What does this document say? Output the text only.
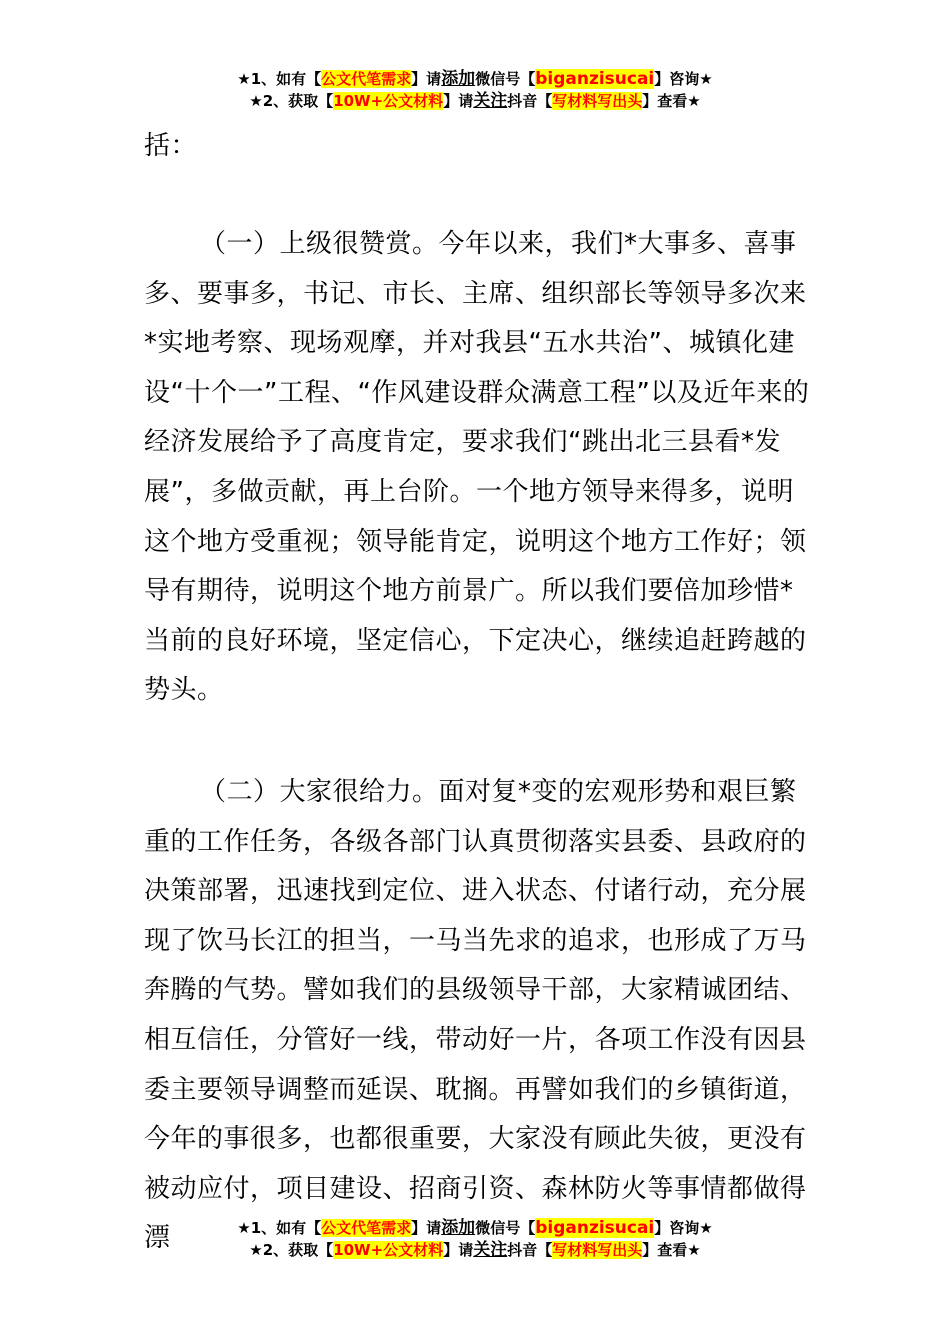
★1、如有【公文代笔需求】请添加微信号【biganzisucai】咨询★
★2、获取【10W+公文材料】请关注抖音【写材料写出头】查看★

括：

（一）上级很赞赏。今年以来，我们*大事多、喜事多、要事多，书记、市长、主席、组织部长等领导多次来*实地考察、现场观摩，并对我县“五水共治”、城镇化建设“十个一”工程、“作风建设群众满意工程”以及近年来的经济发展给予了高度肯定，要求我们“跳出北三县看*发展”，多做贡献，再上台阶。一个地方领导来得多，说明这个地方受重视；领导能肯定，说明这个地方工作好；领导有期待，说明这个地方前景广。所以我们要倍加珍惜*当前的良好环境，坚定信心，下定决心，继续追赶跨越的势头。

（二）大家很给力。面对复*变的宏观形势和艰巨繁重的工作任务，各级各部门认真贯彻落实县委、县政府的决策部署，迅速找到定位、进入状态、付诸行动，充分展现了饮马长江的担当，一马当先求的追求，也形成了万马奔腾的气势。譬如我们的县级领导干部，大家精诚团结、相互信任，分管好一线，带动好一片，各项工作没有因县委主要领导调整而延误、耽搁。再譬如我们的乡镇街道，今年的事很多，也都很重要，大家没有顾此失彼，更没有被动应付，项目建设、招商引资、森林防火等事情都做得漂	★1、如有【公文代笔需求】请添加微信号【biganzisucai】咨询★
★2、获取【10W+公文材料】请关注抖音【写材料写出头】查看★
